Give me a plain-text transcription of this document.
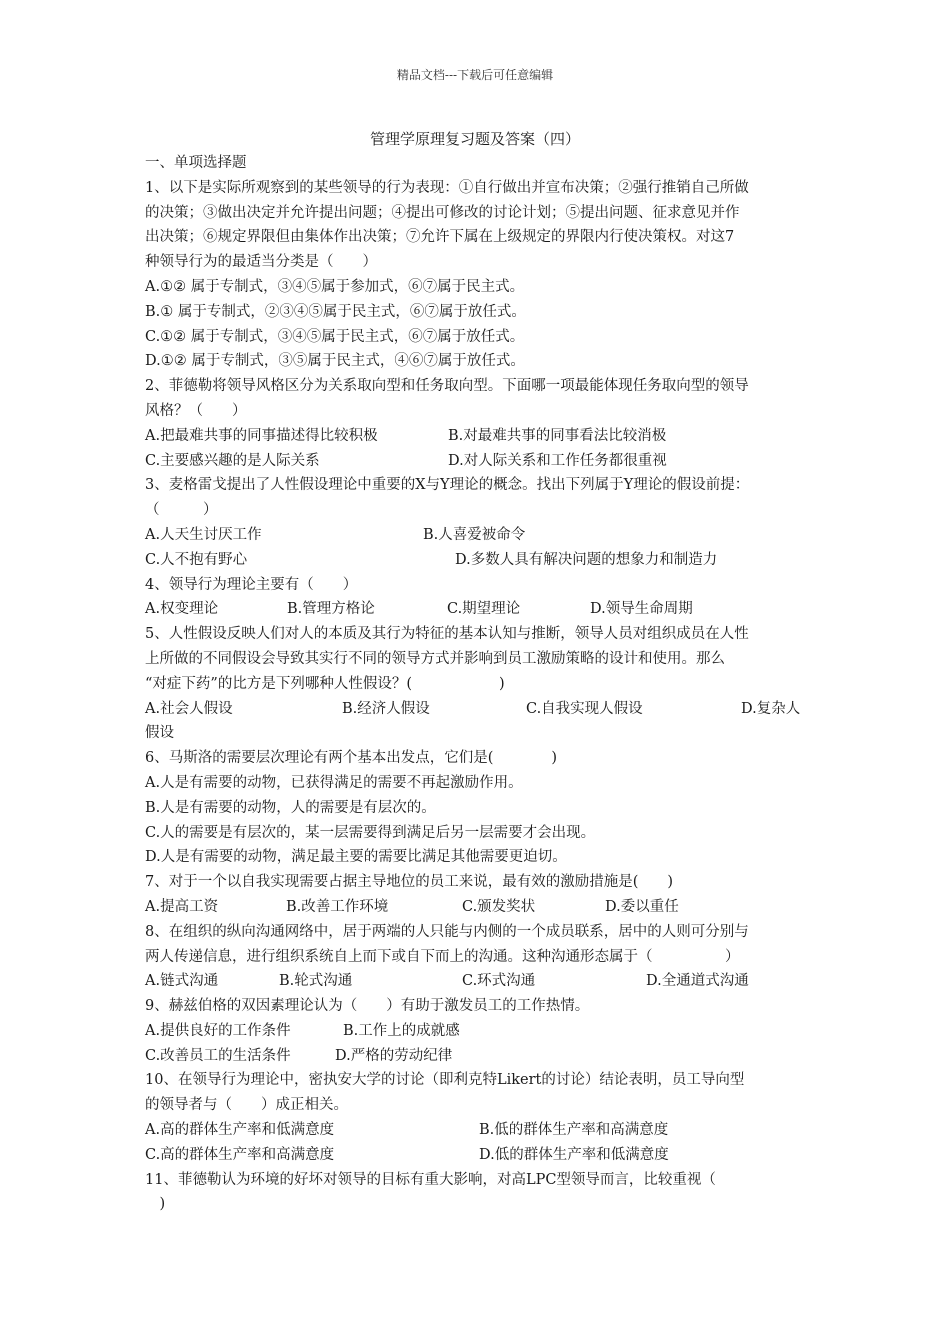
精品文档---下载后可任意编辑
管理学原理复习题及答案（四）
一、单项选择题
1、以下是实际所观察到的某些领导的行为表现：①自行做出并宣布决策；②强行推销自己所做
的决策；③做出决定并允许提出问题；④提出可修改的讨论计划；⑤提出问题、征求意见并作
出决策；⑥规定界限但由集体作出决策；⑦允许下属在上级规定的界限内行使决策权。对这7
种领导行为的最适当分类是（　　）
A.①② 属于专制式，③④⑤属于参加式，⑥⑦属于民主式。
B.① 属于专制式，②③④⑤属于民主式，⑥⑦属于放任式。
C.①② 属于专制式，③④⑤属于民主式，⑥⑦属于放任式。
D.①② 属于专制式，③⑤属于民主式，④⑥⑦属于放任式。
2、菲德勒将领导风格区分为关系取向型和任务取向型。下面哪一项最能体现任务取向型的领导
风格？（　　）
A.把最难共事的同事描述得比较积极	B.对最难共事的同事看法比较消极
C.主要感兴趣的是人际关系	D.对人际关系和工作任务都很重视
3、麦格雷戈提出了人性假设理论中重要的X与Y理论的概念。找出下列属于Y理论的假设前提：
（　　　）
A.人天生讨厌工作	B.人喜爱被命令
C.人不抱有野心	D.多数人具有解决问题的想象力和制造力
4、领导行为理论主要有（　　）
A.权变理论	B.管理方格论	C.期望理论	D.领导生命周期
5、人性假设反映人们对人的本质及其行为特征的基本认知与推断，领导人员对组织成员在人性
上所做的不同假设会导致其实行不同的领导方式并影响到员工激励策略的设计和使用。那么
“对症下药”的比方是下列哪种人性假设？(　　　　　　)
A.社会人假设	B.经济人假设	C.自我实现人假设	D.复杂人
假设
6、马斯洛的需要层次理论有两个基本出发点，它们是(　　　　)
A.人是有需要的动物，已获得满足的需要不再起激励作用。
B.人是有需要的动物，人的需要是有层次的。
C.人的需要是有层次的，某一层需要得到满足后另一层需要才会出现。
D.人是有需要的动物，满足最主要的需要比满足其他需要更迫切。
7、对于一个以自我实现需要占据主导地位的员工来说，最有效的激励措施是(　　)
A.提高工资	B.改善工作环境	C.颁发奖状	D.委以重任
8、在组织的纵向沟通网络中，居于两端的人只能与内侧的一个成员联系，居中的人则可分别与
两人传递信息，进行组织系统自上而下或自下而上的沟通。这种沟通形态属于（　　　　　）
A.链式沟通	B.轮式沟通	C.环式沟通	D.全通道式沟通
9、赫兹伯格的双因素理论认为（　　）有助于激发员工的工作热情。
A.提供良好的工作条件	B.工作上的成就感
C.改善员工的生活条件	D.严格的劳动纪律
10、在领导行为理论中，密执安大学的讨论（即利克特Likert的讨论）结论表明，员工导向型
的领导者与（　　）成正相关。
A.高的群体生产率和低满意度	B.低的群体生产率和高满意度
C.高的群体生产率和高满意度	D.低的群体生产率和低满意度
11、菲德勒认为环境的好坏对领导的目标有重大影响，对高LPC型领导而言，比较重视（
　)
